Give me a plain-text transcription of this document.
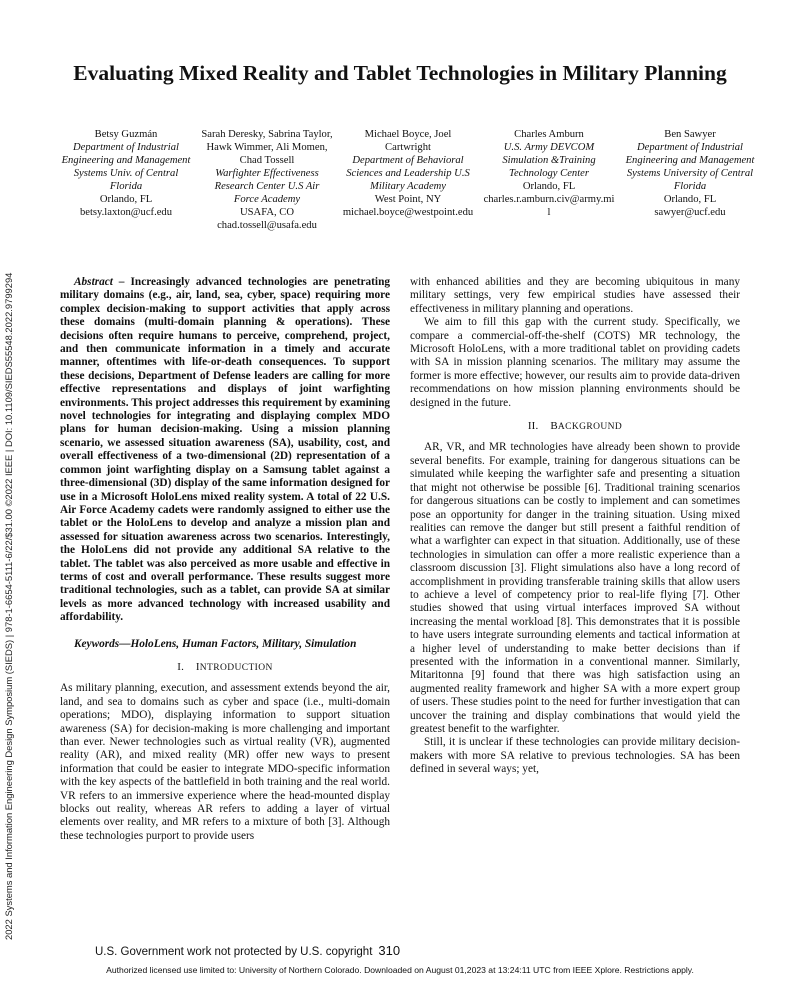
2022 Systems and Information Engineering Design Symposium (SIEDS) | 978-1-6654-5111-6/22/$31.00 ©2022 IEEE | DOI: 10.1109/SIEDS55548.2022.9799294
Evaluating Mixed Reality and Tablet Technologies in Military Planning
Betsy Guzmán
Department of Industrial Engineering and Management Systems Univ. of Central Florida
Orlando, FL
betsy.laxton@ucf.edu
Sarah Deresky, Sabrina Taylor, Hawk Wimmer, Ali Momen, Chad Tossell
Warfighter Effectiveness Research Center U.S Air Force Academy
USAFA, CO
chad.tossell@usafa.edu
Michael Boyce, Joel Cartwright
Department of Behavioral Sciences and Leadership U.S Military Academy
West Point, NY
michael.boyce@westpoint.edu
Charles Amburn
U.S. Army DEVCOM Simulation &Training Technology Center
Orlando, FL
charles.r.amburn.civ@army.mil
Ben Sawyer
Department of Industrial Engineering and Management Systems University of Central Florida
Orlando, FL
sawyer@ucf.edu

Abstract – Increasingly advanced technologies are penetrating military domains (e.g., air, land, sea, cyber, space) requiring more complex decision-making to support activities that apply across these domains (multi-domain planning & operations). These decisions often require humans to perceive, comprehend, project, and then communicate information in a timely and accurate manner, oftentimes with life-or-death consequences. To support these decisions, Department of Defense leaders are calling for more effective representations and displays of joint warfighting environments. This project addresses this requirement by examining novel technologies for integrating and displaying complex MDO plans for human decision-making. Using a mission planning scenario, we assessed situation awareness (SA), usability, cost, and overall effectiveness of a two-dimensional (2D) representation of a common joint warfighting display on a Samsung tablet against a three-dimensional (3D) display of the same information designed for use in a Microsoft HoloLens mixed reality system. A total of 22 U.S. Air Force Academy cadets were randomly assigned to either use the tablet or the HoloLens to develop and analyze a mission plan and assessed for situation awareness across two scenarios. Interestingly, the HoloLens did not provide any additional SA relative to the tablet. The tablet was also perceived as more usable and effective in terms of cost and overall performance. These results suggest more traditional technologies, such as a tablet, can provide SA at similar levels as more advanced technology with increased usability and affordability.

Keywords—HoloLens, Human Factors, Military, Simulation

I. INTRODUCTION

As military planning, execution, and assessment extends beyond the air, land, and sea to domains such as cyber and space (i.e., multi-domain operations; MDO), displaying information to support situation awareness (SA) for decision-making is more challenging and important than ever. Newer technologies such as virtual reality (VR), augmented reality (AR), and mixed reality (MR) offer new ways to present information that could be easier to integrate MDO-specific information with the key aspects of the battlefield in both training and the real world. VR refers to an immersive experience where the head-mounted display blocks out reality, whereas AR refers to adding a layer of virtual elements over reality, and MR refers to a mixture of both [3]. Although these technologies purport to provide users

with enhanced abilities and they are becoming ubiquitous in many military settings, very few empirical studies have assessed their effectiveness in military planning and operations.

We aim to fill this gap with the current study. Specifically, we compare a commercial-off-the-shelf (COTS) MR technology, the Microsoft HoloLens, with a more traditional tablet on providing cadets with SA in mission planning scenarios. The military may assume the former is more effective; however, our results aim to provide data-driven recommendations on how mission planning environments should be designed in the future.

II. BACKGROUND

AR, VR, and MR technologies have already been shown to provide several benefits. For example, training for dangerous situations can be simulated while keeping the warfighter safe and presenting a situation that might not otherwise be possible [6]. Traditional training scenarios for dangerous situations can be costly to implement and can sometimes pose an opportunity for danger in the training situation. Using mixed realities can remove the danger but still present a faithful rendition of what a warfighter can expect in that situation. Additionally, use of these technologies in simulation can offer a more realistic experience than a classroom discussion [3]. Flight simulations also have a long record of accomplishment in providing transferable training skills that allow users to achieve a level of competency prior to real-life flying [7]. Other studies showed that using virtual interfaces improved SA without increasing the mental workload [8]. This demonstrates that it is possible to have users integrate surrounding elements and tactical information at a higher level of understanding to make better decisions than if presented with the information in a conventional manner. Similarly, Mitaritonna [9] found that there was high satisfaction using an augmented reality framework and higher SA with a more expert group of users. These studies point to the need for further investigation that can uncover the training and display combinations that would yield the greatest benefit to the warfighter.

Still, it is unclear if these technologies can provide military decision-makers with more SA relative to previous technologies. SA has been defined in several ways; yet,

U.S. Government work not protected by U.S. copyright 310
Authorized licensed use limited to: University of Northern Colorado. Downloaded on August 01,2023 at 13:24:11 UTC from IEEE Xplore. Restrictions apply.
